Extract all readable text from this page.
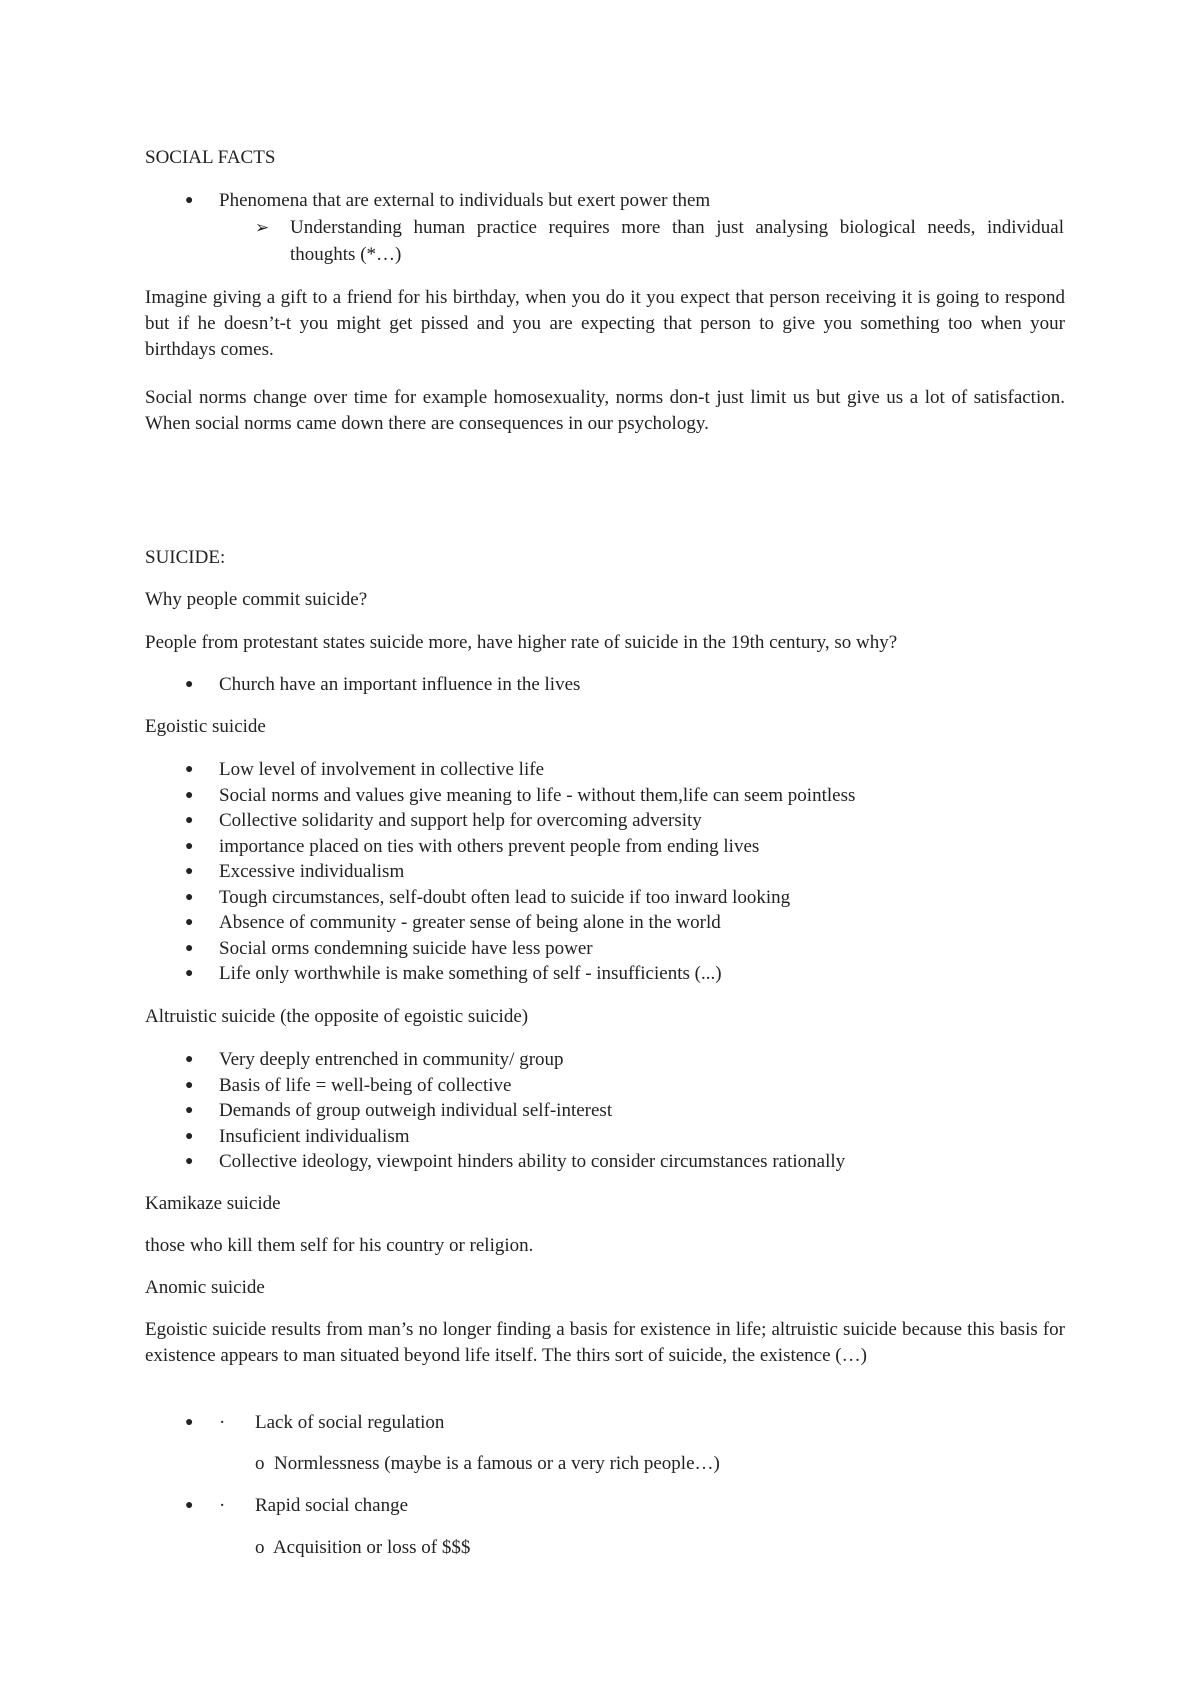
SOCIAL FACTS

● Phenomena that are external to individuals but exert power them
➢ Understanding human practice requires more than just analysing biological needs, individual thoughts (*…)

Imagine giving a gift to a friend for his birthday, when you do it you expect that person receiving it is going to respond but if he doesn’t-t you might get pissed and you are expecting that person to give you something too when your birthdays comes.

Social norms change over time for example homosexuality, norms don-t just limit us but give us a lot of satisfaction. When social norms came down there are consequences in our psychology.

SUICIDE:

Why people commit suicide?

People from protestant states suicide more, have higher rate of suicide in the 19th century, so why?

● Church have an important influence in the lives

Egoistic suicide

● Low level of involvement in collective life
● Social norms and values give meaning to life - without them,life can seem pointless
● Collective solidarity and support help for overcoming adversity
● importance placed on ties with others prevent people from ending lives
● Excessive individualism
● Tough circumstances, self-doubt often lead to suicide if too inward looking
● Absence of community - greater sense of being alone in the world
● Social orms condemning suicide have less power
● Life only worthwhile is make something of self - insufficients (...)

Altruistic suicide (the opposite of egoistic suicide)

● Very deeply entrenched in community/ group
● Basis of life = well-being of collective
● Demands of group outweigh individual self-interest
● Insuficient individualism
● Collective ideology, viewpoint hinders ability to consider circumstances rationally

Kamikaze suicide

those who kill them self for his country or religion.

Anomic suicide

Egoistic suicide results from man’s no longer finding a basis for existence in life; altruistic suicide because this basis for existence appears to man situated beyond life itself. The thirs sort of suicide, the existence (…)

● · Lack of social regulation
o Normlessness (maybe is a famous or a very rich people…)
● · Rapid social change
o Acquisition or loss of $$$
